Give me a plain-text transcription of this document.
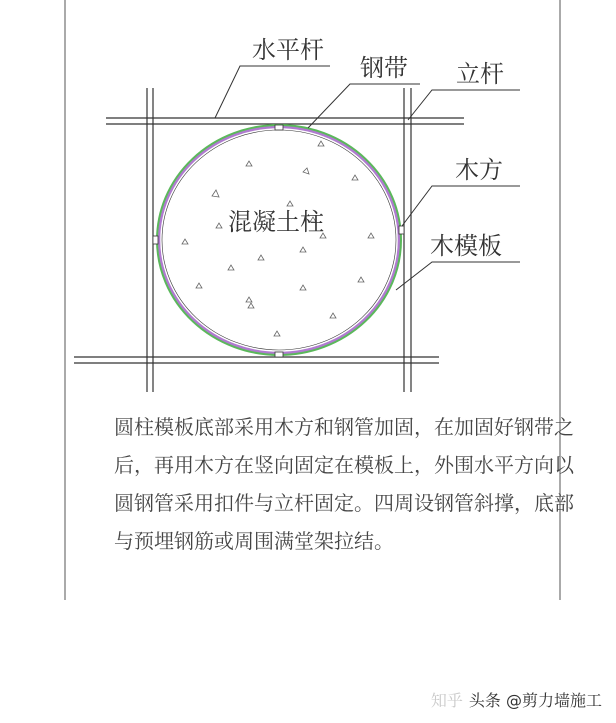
水平杆
钢带 立杆
木方
混凝土柱
木模板
圆柱模板底部采用木方和钢管加固，在加固好钢带之
后，再用木方在竖向固定在模板上，外围水平方向以
圆钢管采用扣件与立杆固定。四周设钢管斜撑，底部
与预埋钢筋或周围满堂架拉结。
知乎 头条 @剪力墙施工
